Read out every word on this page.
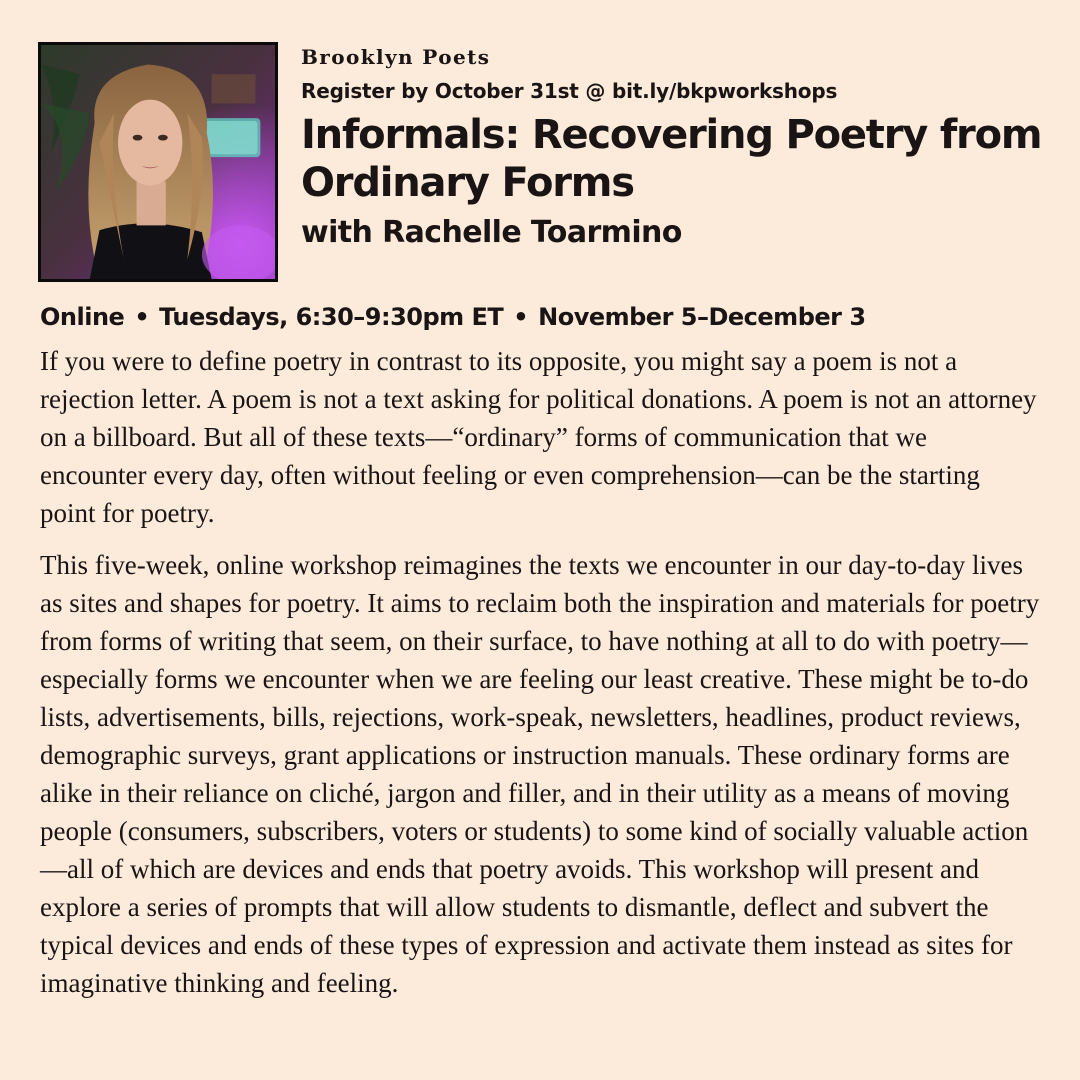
Brooklyn Poets
Register by October 31st @ bit.ly/bkpworkshops
Informals: Recovering Poetry from Ordinary Forms
with Rachelle Toarmino
Online • Tuesdays, 6:30–9:30pm ET • November 5–December 3

If you were to define poetry in contrast to its opposite, you might say a poem is not a rejection letter. A poem is not a text asking for political donations. A poem is not an attorney on a billboard. But all of these texts—“ordinary” forms of communication that we encounter every day, often without feeling or even comprehension—can be the starting point for poetry.

This five-week, online workshop reimagines the texts we encounter in our day-to-day lives as sites and shapes for poetry. It aims to reclaim both the inspiration and materials for poetry from forms of writing that seem, on their surface, to have nothing at all to do with poetry—especially forms we encounter when we are feeling our least creative. These might be to-do lists, advertisements, bills, rejections, work-speak, newsletters, headlines, product reviews, demographic surveys, grant applications or instruction manuals. These ordinary forms are alike in their reliance on cliché, jargon and filler, and in their utility as a means of moving people (consumers, subscribers, voters or students) to some kind of socially valuable action—all of which are devices and ends that poetry avoids. This workshop will present and explore a series of prompts that will allow students to dismantle, deflect and subvert the typical devices and ends of these types of expression and activate them instead as sites for imaginative thinking and feeling.
